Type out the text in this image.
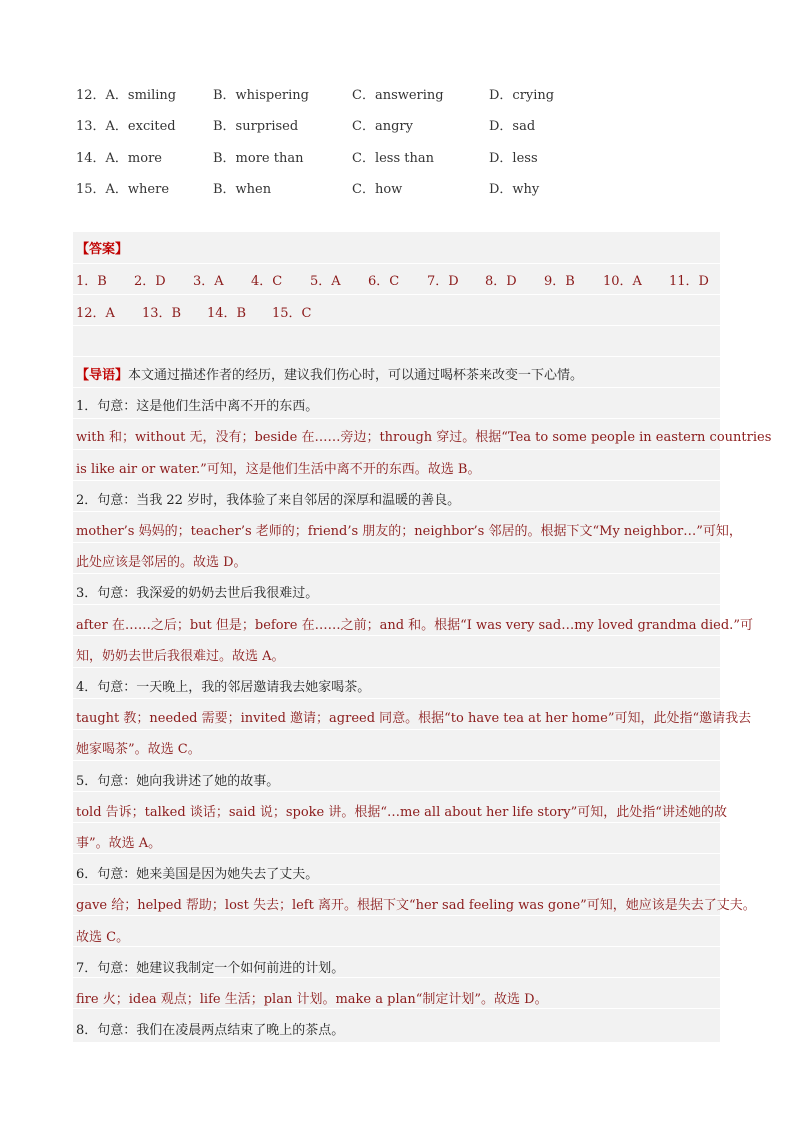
12．A．smiling	B．whispering	C．answering	D．crying
13．A．excited	B．surprised	C．angry	D．sad
14．A．more	B．more than	C．less than	D．less
15．A．where	B．when	C．how	D．why
【答案】
1．B 2．D 3．A 4．C 5．A 6．C 7．D 8．D 9．B 10．A 11．D
12．A 13．B 14．B 15．C
【导语】本文通过描述作者的经历，建议我们伤心时，可以通过喝杯茶来改变一下心情。
1．句意：这是他们生活中离不开的东西。
with 和；without 无，没有；beside 在……旁边；through 穿过。根据“Tea to some people in eastern countries
is like air or water.”可知，这是他们生活中离不开的东西。故选 B。
2．句意：当我 22 岁时，我体验了来自邻居的深厚和温暖的善良。
mother’s 妈妈的；teacher’s 老师的；friend’s 朋友的；neighbor’s 邻居的。根据下文“My neighbor…”可知，
此处应该是邻居的。故选 D。
3．句意：我深爱的奶奶去世后我很难过。
after 在……之后；but 但是；before 在……之前；and 和。根据“I was very sad…my loved grandma died.”可
知，奶奶去世后我很难过。故选 A。
4．句意：一天晚上，我的邻居邀请我去她家喝茶。
taught 教；needed 需要；invited 邀请；agreed 同意。根据“to have tea at her home”可知，此处指“邀请我去
她家喝茶”。故选 C。
5．句意：她向我讲述了她的故事。
told 告诉；talked 谈话；said 说；spoke 讲。根据“…me all about her life story”可知，此处指“讲述她的故
事”。故选 A。
6．句意：她来美国是因为她失去了丈夫。
gave 给；helped 帮助；lost 失去；left 离开。根据下文“her sad feeling was gone”可知，她应该是失去了丈夫。
故选 C。
7．句意：她建议我制定一个如何前进的计划。
fire 火；idea 观点；life 生活；plan 计划。make a plan“制定计划”。故选 D。
8．句意：我们在凌晨两点结束了晚上的茶点。
